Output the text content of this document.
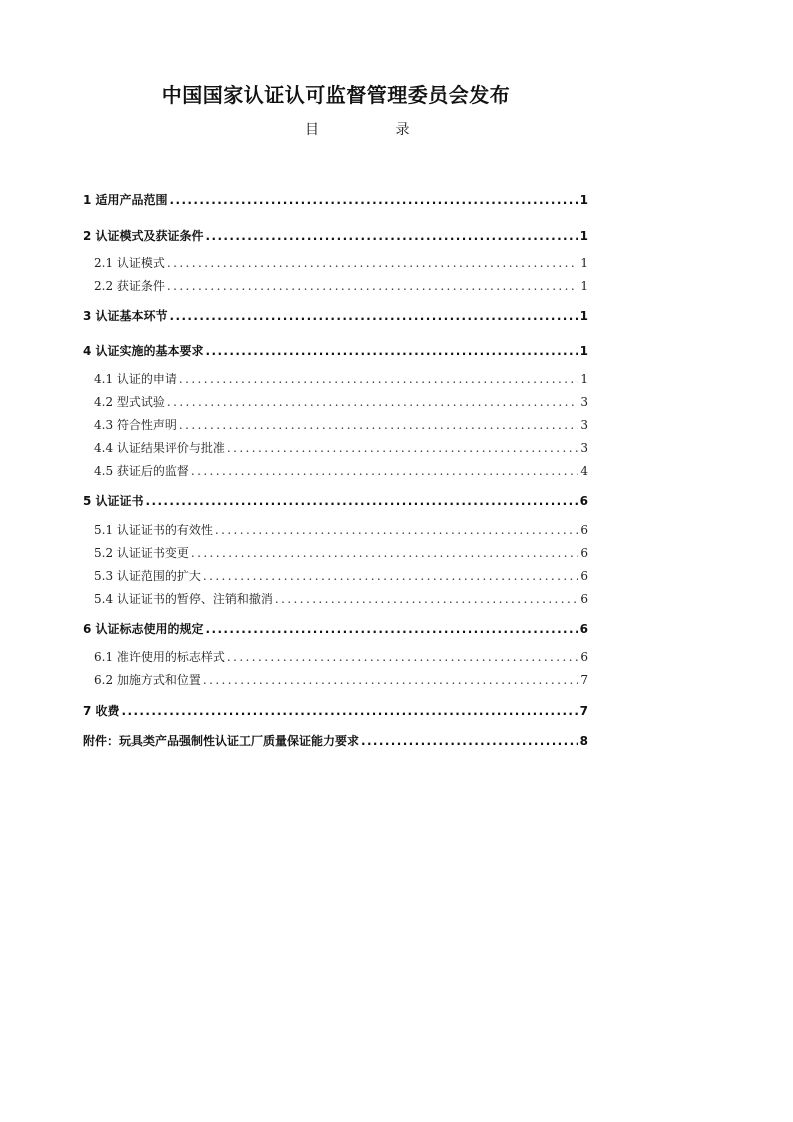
中国国家认证认可监督管理委员会发布
目 录
1 适用产品范围 .....	1
2 认证模式及获证条件 .....	1
2.1 认证模式 .....	1
2.2 获证条件 .....	1
3 认证基本环节 .....	1
4 认证实施的基本要求 .....	1
4.1 认证的申请 .....	1
4.2 型式试验 .....	3
4.3 符合性声明 .....	3
4.4 认证结果评价与批准 .....	3
4.5 获证后的监督 .....	4
5 认证证书 .....	6
5.1 认证证书的有效性 .....	6
5.2 认证证书变更 .....	6
5.3 认证范围的扩大 .....	6
5.4 认证证书的暂停、注销和撤消 .....	6
6 认证标志使用的规定 .....	6
6.1 准许使用的标志样式 .....	6
6.2 加施方式和位置 .....	7
7 收费 .....	7
附件：玩具类产品强制性认证工厂质量保证能力要求 .....	8
